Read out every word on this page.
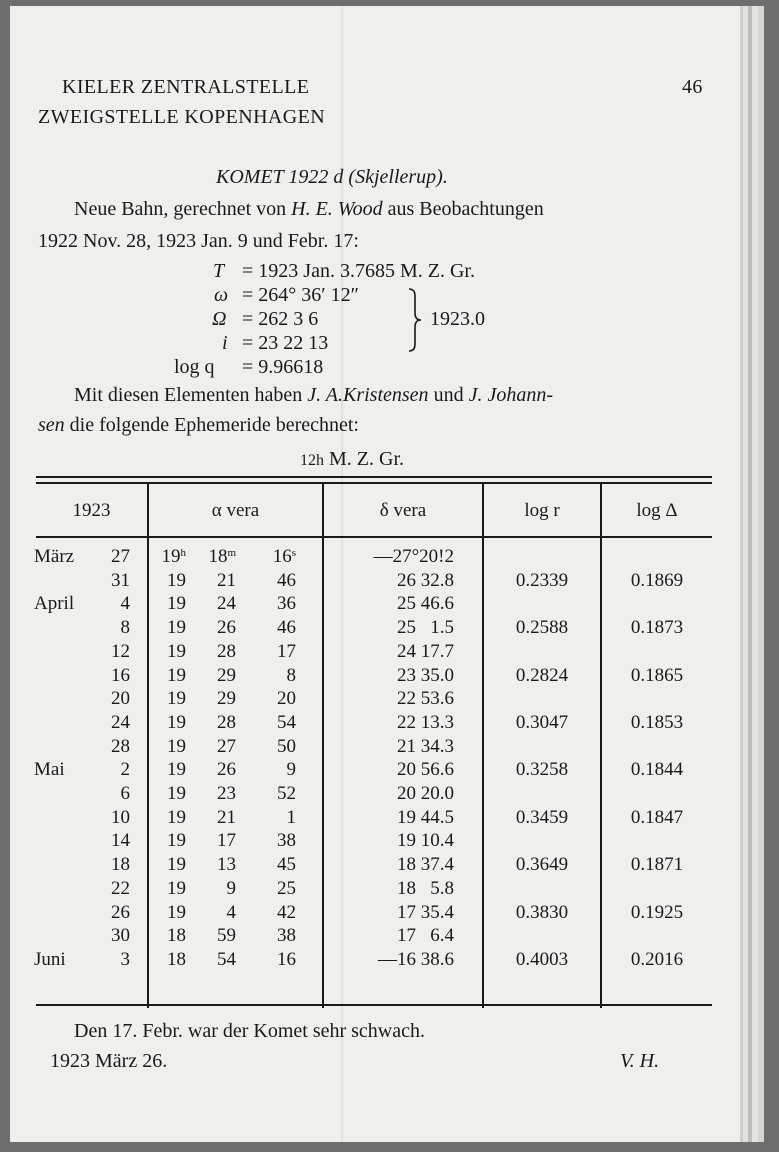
KIELER ZENTRALSTELLE
ZWEIGSTELLE KOPENHAGEN
46
KOMET 1922 d (Skjellerup).
Neue Bahn, gerechnet von H. E. Wood aus Beobachtungen
1922 Nov. 28, 1923 Jan. 9 und Febr. 17:
T = 1923 Jan. 3.7685 M. Z. Gr.
ω = 264° 36′ 12″
Ω = 262 3 6
i = 23 22 13
log q = 9.96618
1923.0
Mit diesen Elementen haben J. A.Kristensen und J. Johann-
sen die folgende Ephemeride berechnet:
12h M. Z. Gr.
1923	α vera	δ vera	log r	log Δ
März	27	19$^h$	18$^m$	16$^s$	—27°20!2
31	19	21	46	26 32.8	0.2339	0.1869
April	4	19	24	36	25 46.6
8	19	26	46	25   1.5	0.2588	0.1873
12	19	28	17	24 17.7
16	19	29	8	23 35.0	0.2824	0.1865
20	19	29	20	22 53.6
24	19	28	54	22 13.3	0.3047	0.1853
28	19	27	50	21 34.3
Mai	2	19	26	9	20 56.6	0.3258	0.1844
6	19	23	52	20 20.0
10	19	21	1	19 44.5	0.3459	0.1847
14	19	17	38	19 10.4
18	19	13	45	18 37.4	0.3649	0.1871
22	19	9	25	18   5.8
26	19	4	42	17 35.4	0.3830	0.1925
30	18	59	38	17   6.4
Juni	3	18	54	16	—16 38.6	0.4003	0.2016
Den 17. Febr. war der Komet sehr schwach.
1923 März 26.	V. H.
